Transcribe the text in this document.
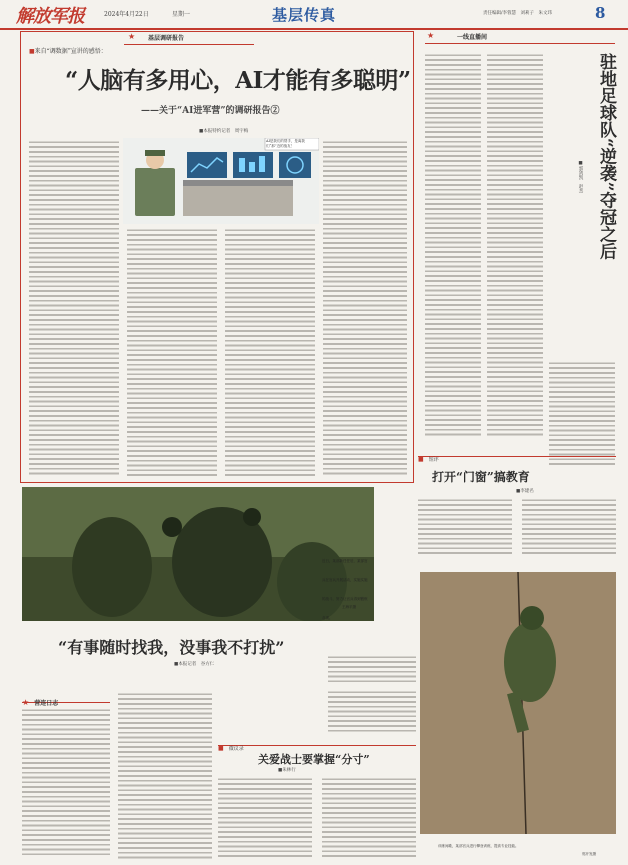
解放军报	2024年4月22日	星期一	基层传真	责任编辑/李蓉慧　刘莉子　朱文玮	8
★ 基层调研报告
■来自“调数据”宣讲的感悟：
“人脑有多用心，AI才能有多聪明”
——关于“AI进军营”的调研报告②
■本报特约记者　周宇梅
AI是我们的帮手，是离我们“那”近的战友！
★	一线直播间
驻地足球队“逆袭”夺冠之后
■郭剑凯　赵杰
近日，某部新任任后，某部官兵在官兵开展活动，实施实施的战斗，努力让官兵得到锻炼各项。
王海平摄
“有事随时找我，没事我不打扰”
■本报记者　谷方仁
■ 短评
打开“门窗”搞教育
■李建名
训练间歇，某部官兵进行攀登训练，提高专业技能。
郭开发摄
★ 营连日志
■ 微议录
关爱战士要掌握“分寸”
■朱林行
